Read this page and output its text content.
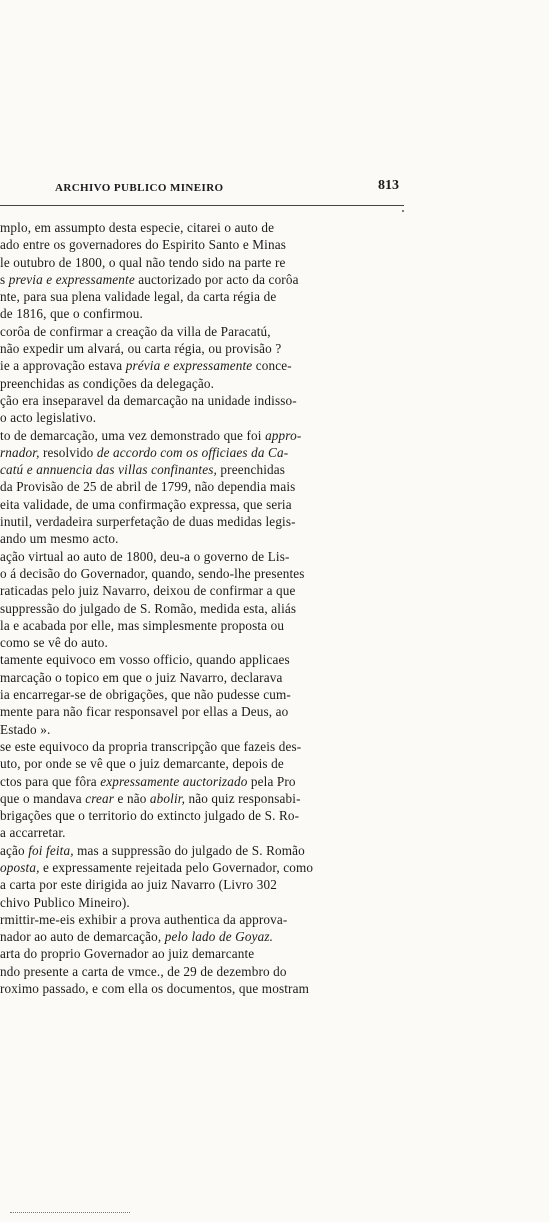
ARCHIVO PUBLICO MINEIRO	813
mplo, em assumpto desta especie, citarei o auto de
ado entre os governadores do Espirito Santo e Minas
le outubro de 1800, o qual não tendo sido na parte re
s previa e expressamente auctorizado por acto da corôa
nte, para sua plena validade legal, da carta régia de
de 1816, que o confirmou.
corôa de confirmar a creação da villa de Paracatú,
não expedir um alvará, ou carta régia, ou provisão ?
ie a approvação estava prévia e expressamente conce-
preenchidas as condições da delegação.
ção era inseparavel da demarcação na unidade indisso-
o acto legislativo.
to de demarcação, uma vez demonstrado que foi appro-
rnador, resolvido de accordo com os officiaes da Ca-
catú e annuencia das villas confinantes, preenchidas
da Provisão de 25 de abril de 1799, não dependia mais
eita validade, de uma confirmação expressa, que seria
inutil, verdadeira surperfetação de duas medidas legis-
ando um mesmo acto.
ação virtual ao auto de 1800, deu-a o governo de Lis-
o á decisão do Governador, quando, sendo-lhe presentes
raticadas pelo juiz Navarro, deixou de confirmar a que
suppressão do julgado de S. Romão, medida esta, aliás
la e acabada por elle, mas simplesmente proposta ou
como se vê do auto.
tamente equivoco em vosso officio, quando applicaes
marcação o topico em que o juiz Navarro, declarava
ia encarregar-se de obrigações, que não pudesse cum-
mente para não ficar responsavel por ellas a Deus, ao
Estado ».
se este equivoco da propria transcripção que fazeis des-
uto, por onde se vê que o juiz demarcante, depois de
ctos para que fôra expressamente auctorizado pela Pro
que o mandava crear e não abolir, não quiz responsabi-
brigações que o territorio do extincto julgado de S. Ro-
a accarretar.
ação foi feita, mas a suppressão do julgado de S. Romão
oposta, e expressamente rejeitada pelo Governador, como
a carta por este dirigida ao juiz Navarro (Livro 302
chivo Publico Mineiro).
rmittir-me-eis exhibir a prova authentica da approva-
nador ao auto de demarcação, pelo lado de Goyaz.
arta do proprio Governador ao juiz demarcante
ndo presente a carta de vmce., de 29 de dezembro do
roximo passado, e com ella os documentos, que mostram
